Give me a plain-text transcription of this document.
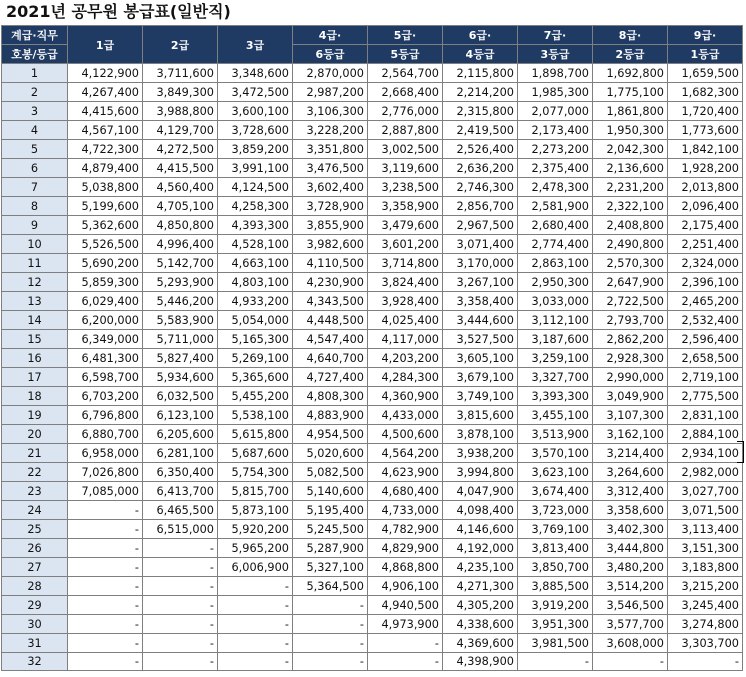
2021년 공무원 봉급표(일반직)
계급·직무	1급	2급	3급	4급·	5급·	6급·	7급·	8급·	9급·
호봉/등급				6등급	5등급	4등급	3등급	2등급	1등급
1	4,122,900	3,711,600	3,348,600	2,870,000	2,564,700	2,115,800	1,898,700	1,692,800	1,659,500
2	4,267,400	3,849,300	3,472,500	2,987,200	2,668,400	2,214,200	1,985,300	1,775,100	1,682,300
3	4,415,600	3,988,800	3,600,100	3,106,300	2,776,000	2,315,800	2,077,000	1,861,800	1,720,400
4	4,567,100	4,129,700	3,728,600	3,228,200	2,887,800	2,419,500	2,173,400	1,950,300	1,773,600
5	4,722,300	4,272,500	3,859,200	3,351,800	3,002,500	2,526,400	2,273,200	2,042,300	1,842,100
6	4,879,400	4,415,500	3,991,100	3,476,500	3,119,600	2,636,200	2,375,400	2,136,600	1,928,200
7	5,038,800	4,560,400	4,124,500	3,602,400	3,238,500	2,746,300	2,478,300	2,231,200	2,013,800
8	5,199,600	4,705,100	4,258,300	3,728,900	3,358,900	2,856,700	2,581,900	2,322,100	2,096,400
9	5,362,600	4,850,800	4,393,300	3,855,900	3,479,600	2,967,500	2,680,400	2,408,800	2,175,400
10	5,526,500	4,996,400	4,528,100	3,982,600	3,601,200	3,071,400	2,774,400	2,490,800	2,251,400
11	5,690,200	5,142,700	4,663,100	4,110,500	3,714,800	3,170,000	2,863,100	2,570,300	2,324,000
12	5,859,300	5,293,900	4,803,100	4,230,900	3,824,400	3,267,100	2,950,300	2,647,900	2,396,100
13	6,029,400	5,446,200	4,933,200	4,343,500	3,928,400	3,358,400	3,033,000	2,722,500	2,465,200
14	6,200,000	5,583,900	5,054,000	4,448,500	4,025,400	3,444,600	3,112,100	2,793,700	2,532,400
15	6,349,000	5,711,000	5,165,300	4,547,400	4,117,000	3,527,500	3,187,600	2,862,200	2,596,400
16	6,481,300	5,827,400	5,269,100	4,640,700	4,203,200	3,605,100	3,259,100	2,928,300	2,658,500
17	6,598,700	5,934,600	5,365,600	4,727,400	4,284,300	3,679,100	3,327,700	2,990,000	2,719,100
18	6,703,200	6,032,500	5,455,200	4,808,300	4,360,900	3,749,100	3,393,300	3,049,900	2,775,500
19	6,796,800	6,123,100	5,538,100	4,883,900	4,433,000	3,815,600	3,455,100	3,107,300	2,831,100
20	6,880,700	6,205,600	5,615,800	4,954,500	4,500,600	3,878,100	3,513,900	3,162,100	2,884,100
21	6,958,000	6,281,100	5,687,600	5,020,600	4,564,200	3,938,200	3,570,100	3,214,400	2,934,100
22	7,026,800	6,350,400	5,754,300	5,082,500	4,623,900	3,994,800	3,623,100	3,264,600	2,982,000
23	7,085,000	6,413,700	5,815,700	5,140,600	4,680,400	4,047,900	3,674,400	3,312,400	3,027,700
24	-	6,465,500	5,873,100	5,195,400	4,733,000	4,098,400	3,723,000	3,358,600	3,071,500
25	-	6,515,000	5,920,200	5,245,500	4,782,900	4,146,600	3,769,100	3,402,300	3,113,400
26	-	-	5,965,200	5,287,900	4,829,900	4,192,000	3,813,400	3,444,800	3,151,300
27	-	-	6,006,900	5,327,100	4,868,800	4,235,100	3,850,700	3,480,200	3,183,800
28	-	-	-	5,364,500	4,906,100	4,271,300	3,885,500	3,514,200	3,215,200
29	-	-	-	-	4,940,500	4,305,200	3,919,200	3,546,500	3,245,400
30	-	-	-	-	4,973,900	4,338,600	3,951,300	3,577,700	3,274,800
31	-	-	-	-	-	4,369,600	3,981,500	3,608,000	3,303,700
32	-	-	-	-	-	4,398,900	-	-	-
